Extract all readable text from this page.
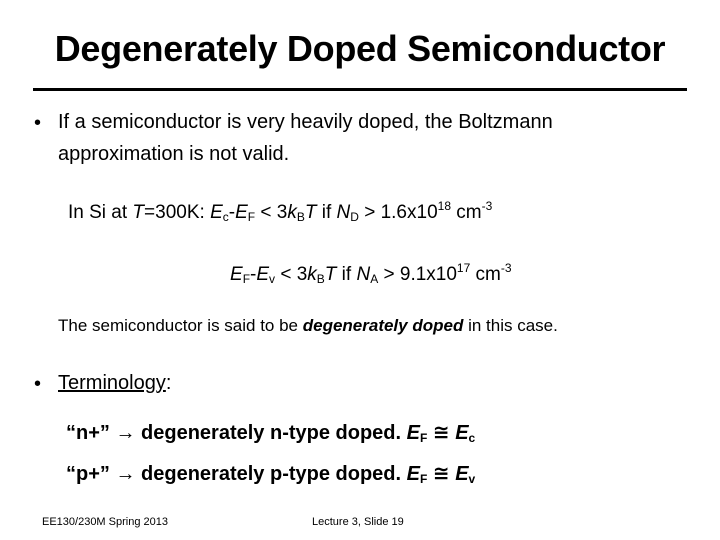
Degenerately Doped Semiconductor
• If a semiconductor is very heavily doped, the Boltzmann
approximation is not valid.
In Si at T=300K: $E_c-E_F < 3k_BT$ if $N_D > 1.6x10^{18}$ $cm^{-3}$
$E_F-E_v < 3k_BT$ if $N_A > 9.1x10^{17}$ $cm^{-3}$
The semiconductor is said to be degenerately doped in this case.
• Terminology:
“n+” → degenerately n-type doped. $E_F$ ≅ $E_c$
“p+” → degenerately p-type doped. $E_F$ ≅ $E_v$
EE130/230M Spring 2013	Lecture 3, Slide 19
